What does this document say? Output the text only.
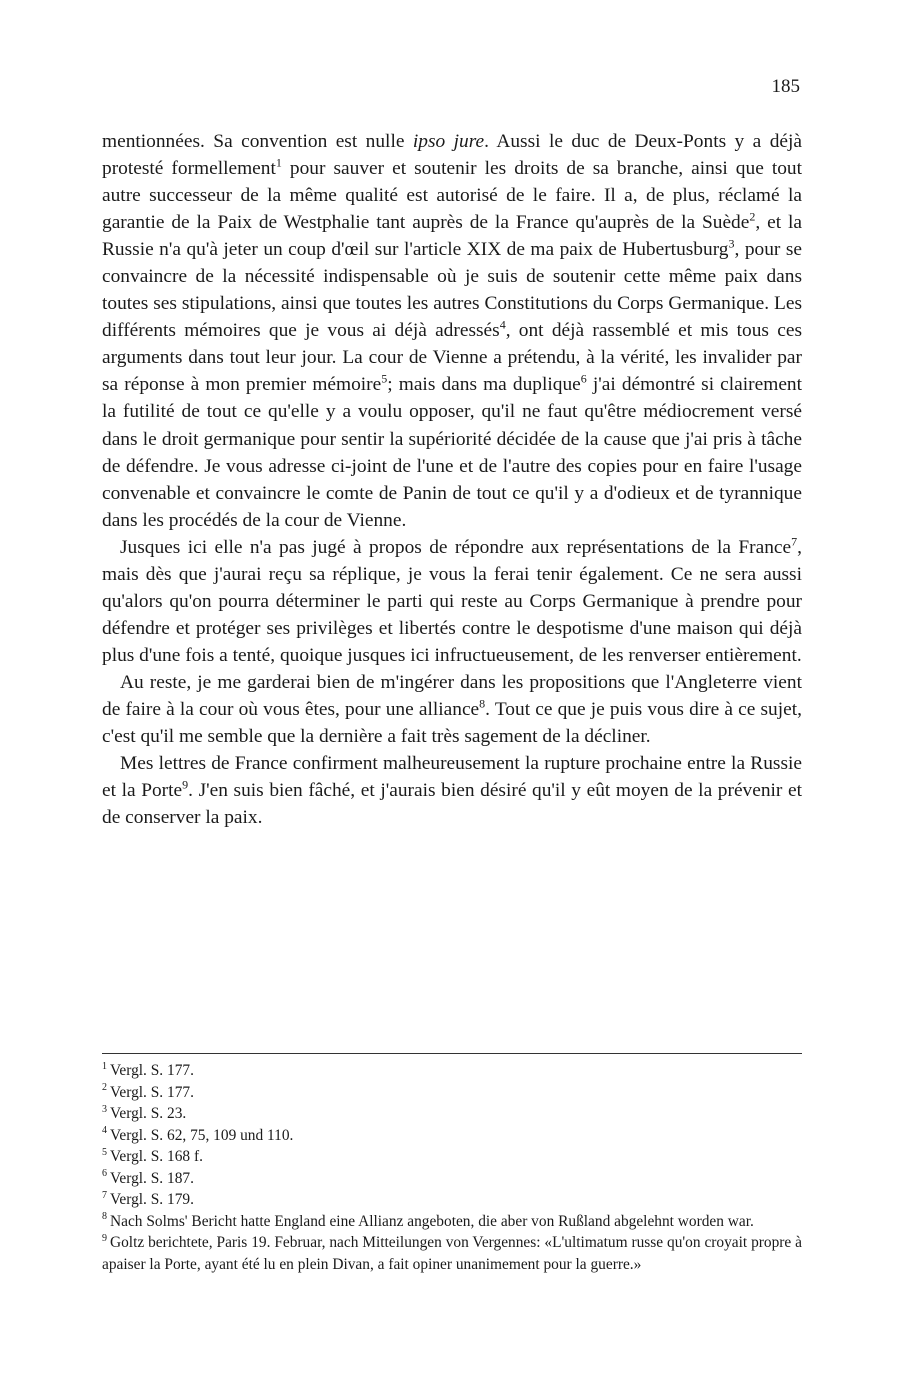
185

mentionnées. Sa convention est nulle ipso jure. Aussi le duc de Deux-Ponts y a déjà protesté formellement$^1$ pour sauver et soutenir les droits de sa branche, ainsi que tout autre successeur de la même qualité est autorisé de le faire. Il a, de plus, réclamé la garantie de la Paix de Westphalie tant auprès de la France qu'auprès de la Suède$^2$, et la Russie n'a qu'à jeter un coup d'œil sur l'article XIX de ma paix de Hubertusburg$^3$, pour se convaincre de la nécessité indispensable où je suis de soutenir cette même paix dans toutes ses stipulations, ainsi que toutes les autres Constitutions du Corps Germanique. Les différents mémoires que je vous ai déjà adressés$^4$, ont déjà rassemblé et mis tous ces arguments dans tout leur jour. La cour de Vienne a prétendu, à la vérité, les invalider par sa réponse à mon premier mémoire$^5$; mais dans ma duplique$^6$ j'ai démontré si clairement la futilité de tout ce qu'elle y a voulu opposer, qu'il ne faut qu'être médiocrement versé dans le droit germanique pour sentir la supériorité décidée de la cause que j'ai pris à tâche de défendre. Je vous adresse ci-joint de l'une et de l'autre des copies pour en faire l'usage convenable et convaincre le comte de Panin de tout ce qu'il y a d'odieux et de tyrannique dans les procédés de la cour de Vienne.

Jusques ici elle n'a pas jugé à propos de répondre aux représentations de la France$^7$, mais dès que j'aurai reçu sa réplique, je vous la ferai tenir également. Ce ne sera aussi qu'alors qu'on pourra déterminer le parti qui reste au Corps Germanique à prendre pour défendre et protéger ses privilèges et libertés contre le despotisme d'une maison qui déjà plus d'une fois a tenté, quoique jusques ici infructueusement, de les renverser entièrement.

Au reste, je me garderai bien de m'ingérer dans les propositions que l'Angleterre vient de faire à la cour où vous êtes, pour une alliance$^8$. Tout ce que je puis vous dire à ce sujet, c'est qu'il me semble que la dernière a fait très sagement de la décliner.

Mes lettres de France confirment malheureusement la rupture prochaine entre la Russie et la Porte$^9$. J'en suis bien fâché, et j'aurais bien désiré qu'il y eût moyen de la prévenir et de conserver la paix.

$^1$ Vergl. S. 177.

$^2$ Vergl. S. 177.

$^3$ Vergl. S. 23.

$^4$ Vergl. S. 62, 75, 109 und 110.

$^5$ Vergl. S. 168 f.

$^6$ Vergl. S. 187.

$^7$ Vergl. S. 179.

$^8$ Nach Solms' Bericht hatte England eine Allianz angeboten, die aber von Rußland abgelehnt worden war.

$^9$ Goltz berichtete, Paris 19. Februar, nach Mitteilungen von Vergennes: «L'ultimatum russe qu'on croyait propre à apaiser la Porte, ayant été lu en plein Divan, a fait opiner unanimement pour la guerre.»
